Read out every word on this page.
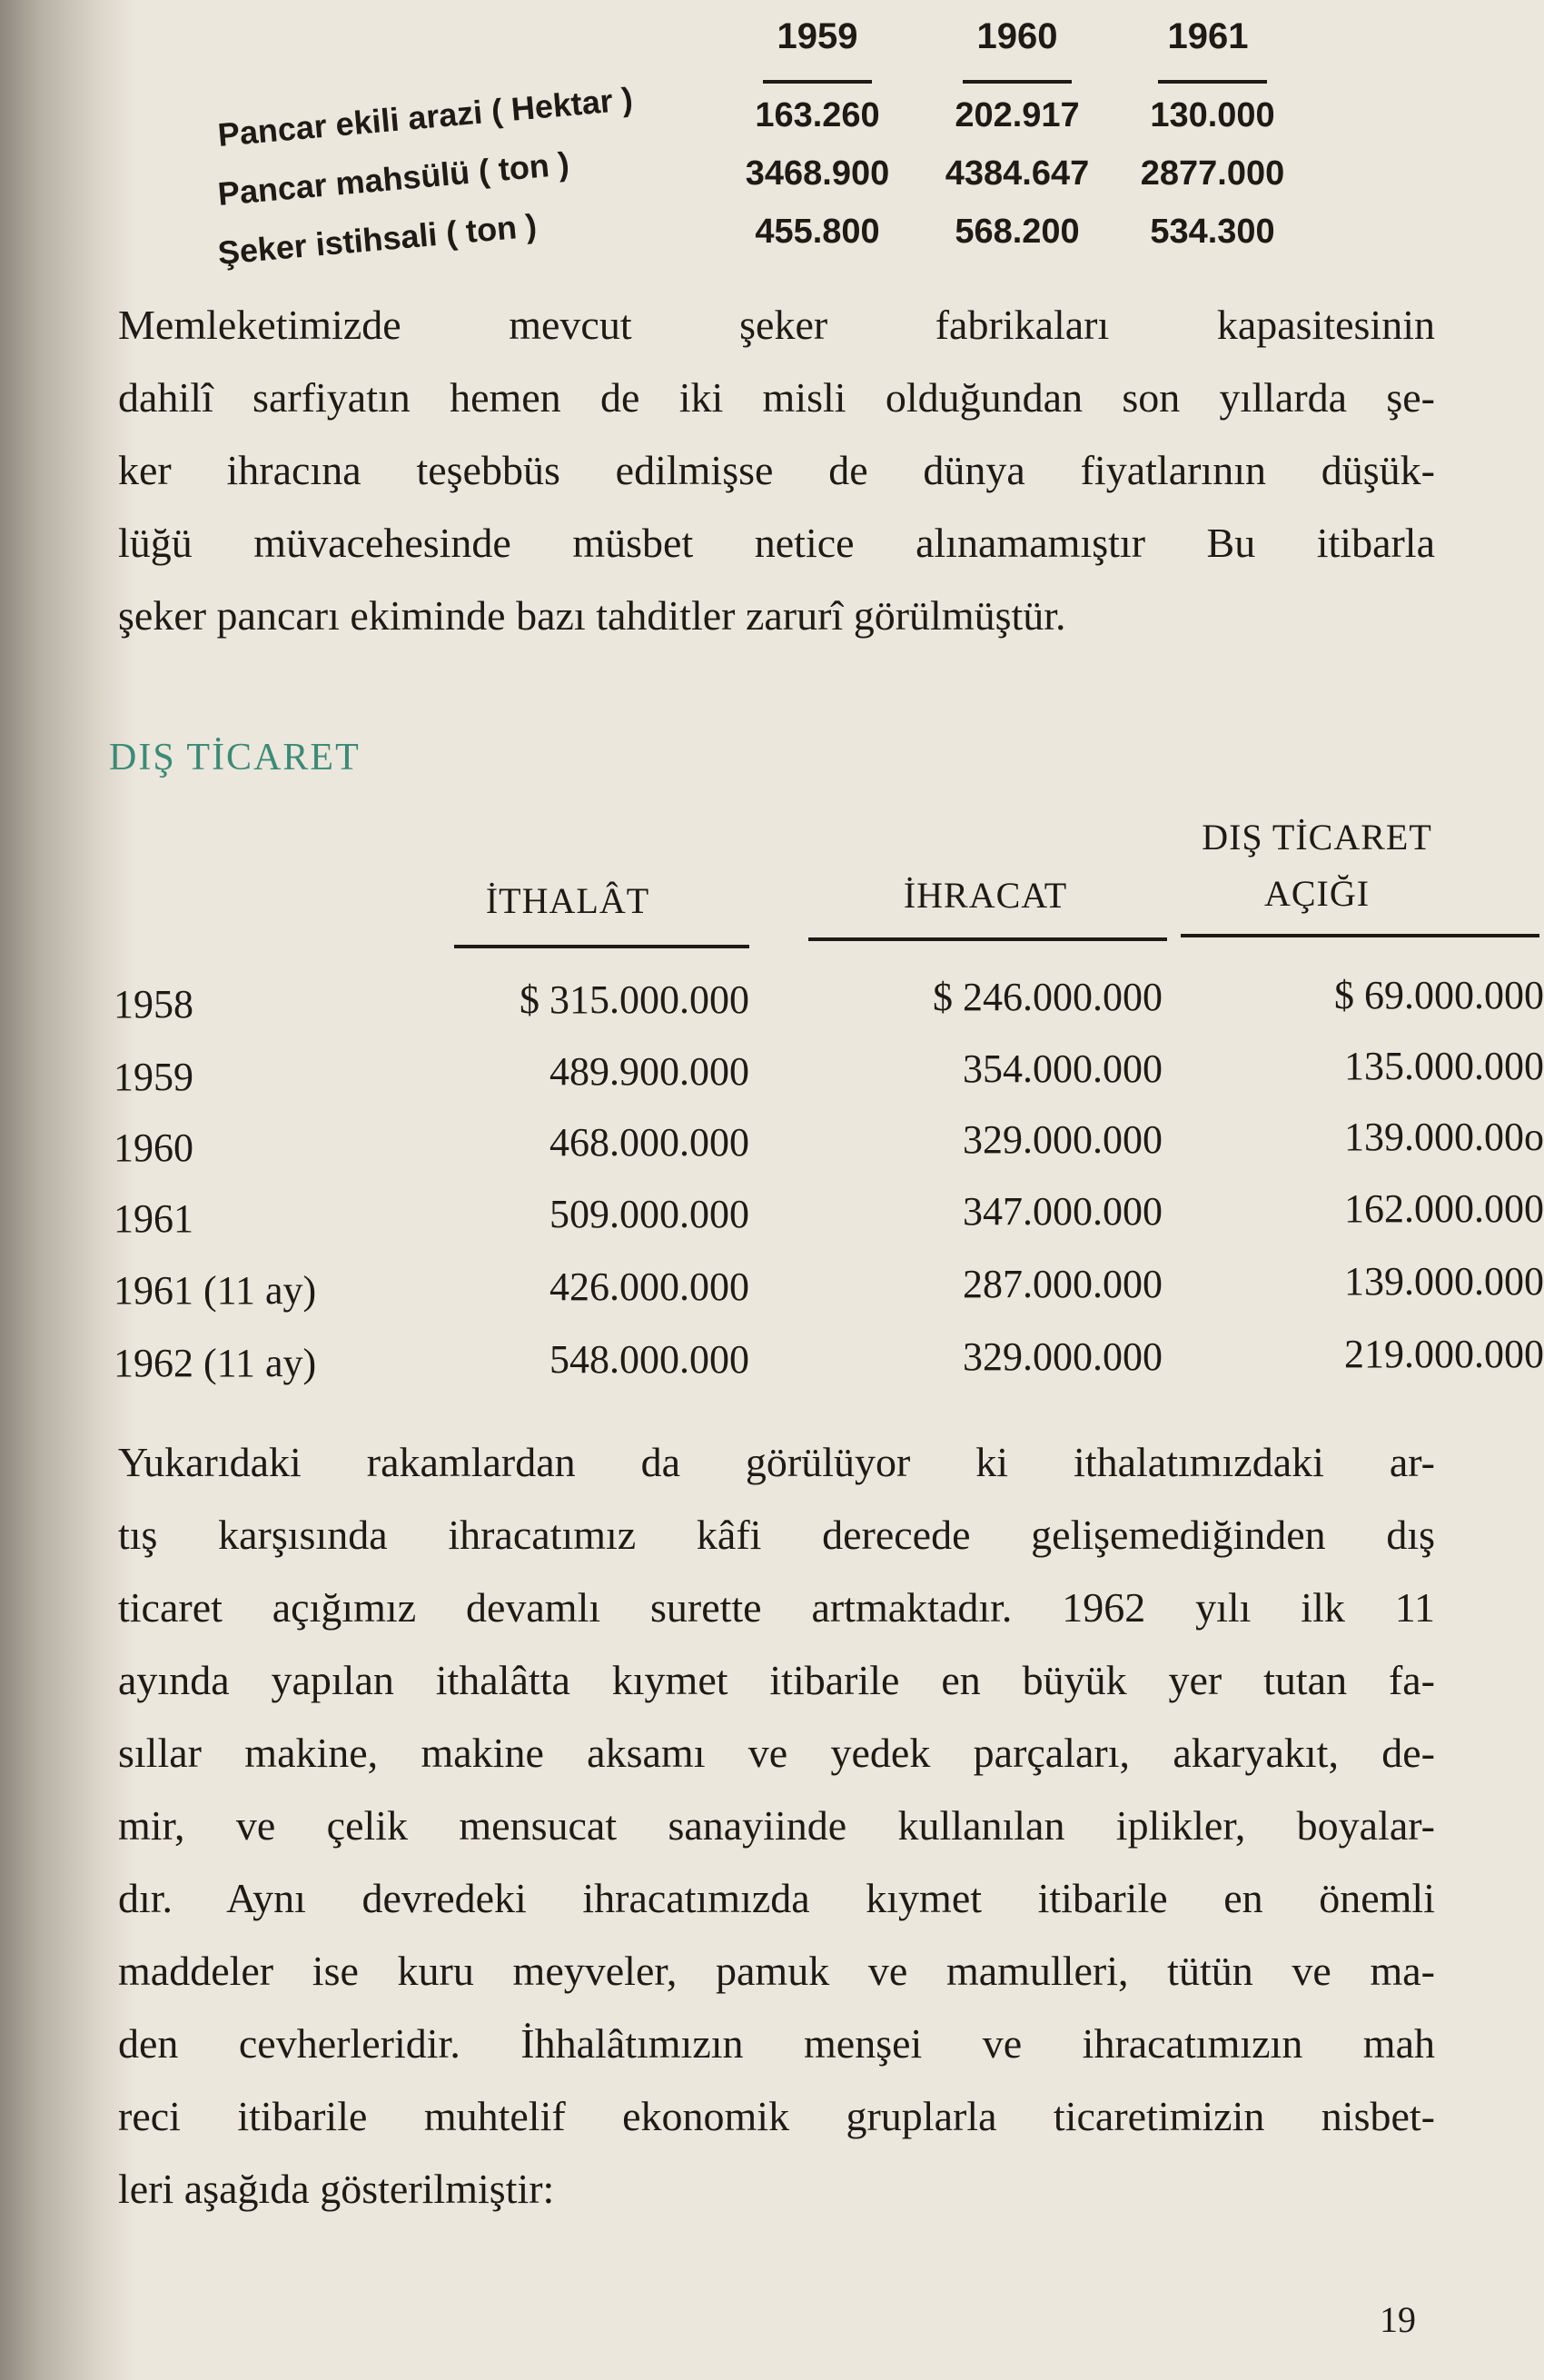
1959	1960	1961
Pancar ekili arazi ( Hektar )	163.260	202.917	130.000
Pancar mahsülü ( ton )	3468.900 4384.647 2877.000
Şeker istihsali ( ton )	455.800	568.200	534.300
Memleketimizde mevcut şeker fabrikaları kapasitesinin
dahilî sarfiyatın hemen de iki misli olduğundan son yıllarda şe-
ker ihracına teşebbüs edilmişse de dünya fiyatlarının düşük-
lüğü müvacehesinde müsbet netice alınamamıştır Bu itibarla
şeker pancarı ekiminde bazı tahditler zarurî görülmüştür.
DIŞ TİCARET
DIŞ TİCARET
İTHALÂT	İHRACAT	AÇIĞI
1958	$ 315.000.000	$ 246.000.000	$ 69.000.000
1959	489.900.000	354.000.000	135.000.000
1960	468.000.000	329.000.000	139.000.00o
1961	509.000.000	347.000.000	162.000.000
1961 (11 ay)	426.000.000	287.000.000	139.000.000
1962 (11 ay)	548.000.000	329.000.000	219.000.000
Yukarıdaki rakamlardan da görülüyor ki ithalatımızdaki ar-
tış karşısında ihracatımız kâfi derecede gelişemediğinden dış
ticaret açığımız devamlı surette artmaktadır. 1962 yılı ilk 11
ayında yapılan ithalâtta kıymet itibarile en büyük yer tutan fa-
sıllar makine, makine aksamı ve yedek parçaları, akaryakıt, de-
mir, ve çelik mensucat sanayiinde kullanılan iplikler, boyalar-
dır. Aynı devredeki ihracatımızda kıymet itibarile en önemli
maddeler ise kuru meyveler, pamuk ve mamulleri, tütün ve ma-
den cevherleridir. İhhalâtımızın menşei ve ihracatımızın mah
reci itibarile muhtelif ekonomik gruplarla ticaretimizin nisbet-
leri aşağıda gösterilmiştir:
19
